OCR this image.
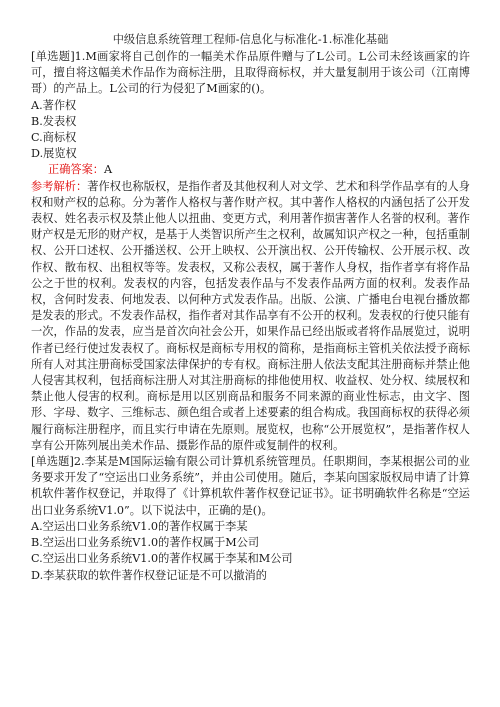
中级信息系统管理工程师-信息化与标准化-1.标准化基础

[单选题]1.M画家将自己创作的一幅美术作品原件赠与了L公司。L公司未经该画家的许可，擅自将这幅美术作品作为商标注册，且取得商标权，并大量复制用于该公司（江南博哥）的产品上。L公司的行为侵犯了M画家的()。

A.著作权

B.发表权

C.商标权

D.展览权

正确答案：A

参考解析：著作权也称版权，是指作者及其他权利人对文学、艺术和科学作品享有的人身权和财产权的总称。分为著作人格权与著作财产权。其中著作人格权的内涵包括了公开发表权、姓名表示权及禁止他人以扭曲、变更方式，利用著作损害著作人名誉的权利。著作财产权是无形的财产权，是基于人类智识所产生之权利，故属知识产权之一种，包括重制权、公开口述权、公开播送权、公开上映权、公开演出权、公开传输权、公开展示权、改作权、散布权、出租权等等。发表权，又称公表权，属于著作人身权，指作者享有将作品公之于世的权利。发表权的内容，包括发表作品与不发表作品两方面的权利。发表作品权，含何时发表、何地发表、以何种方式发表作品。出版、公演、广播电台电视台播放都是发表的形式。不发表作品权，指作者对其作品享有不公开的权利。发表权的行使只能有一次，作品的发表，应当是首次向社会公开，如果作品已经出版或者将作品展览过，说明作者已经行使过发表权了。商标权是商标专用权的简称，是指商标主管机关依法授予商标所有人对其注册商标受国家法律保护的专有权。商标注册人依法支配其注册商标并禁止他人侵害其权利，包括商标注册人对其注册商标的排他使用权、收益权、处分权、续展权和禁止他人侵害的权利。商标是用以区别商品和服务不同来源的商业性标志，由文字、图形、字母、数字、三维标志、颜色组合或者上述要素的组合构成。我国商标权的获得必须履行商标注册程序，而且实行申请在先原则。展览权，也称“公开展览权”，是指著作权人享有公开陈列展出美术作品、摄影作品的原件或复制件的权利。

[单选题]2.李某是M国际运输有限公司计算机系统管理员。任职期间，李某根据公司的业务要求开发了“空运出口业务系统”，并由公司使用。随后，李某向国家版权局申请了计算机软件著作权登记，并取得了《计算机软件著作权登记证书》。证书明确软件名称是“空运出口业务系统V1.0”。以下说法中，正确的是()。

A.空运出口业务系统V1.0的著作权属于李某

B.空运出口业务系统V1.0的著作权属于M公司

C.空运出口业务系统V1.0的著作权属于李某和M公司

D.李某获取的软件著作权登记证是不可以撤消的
